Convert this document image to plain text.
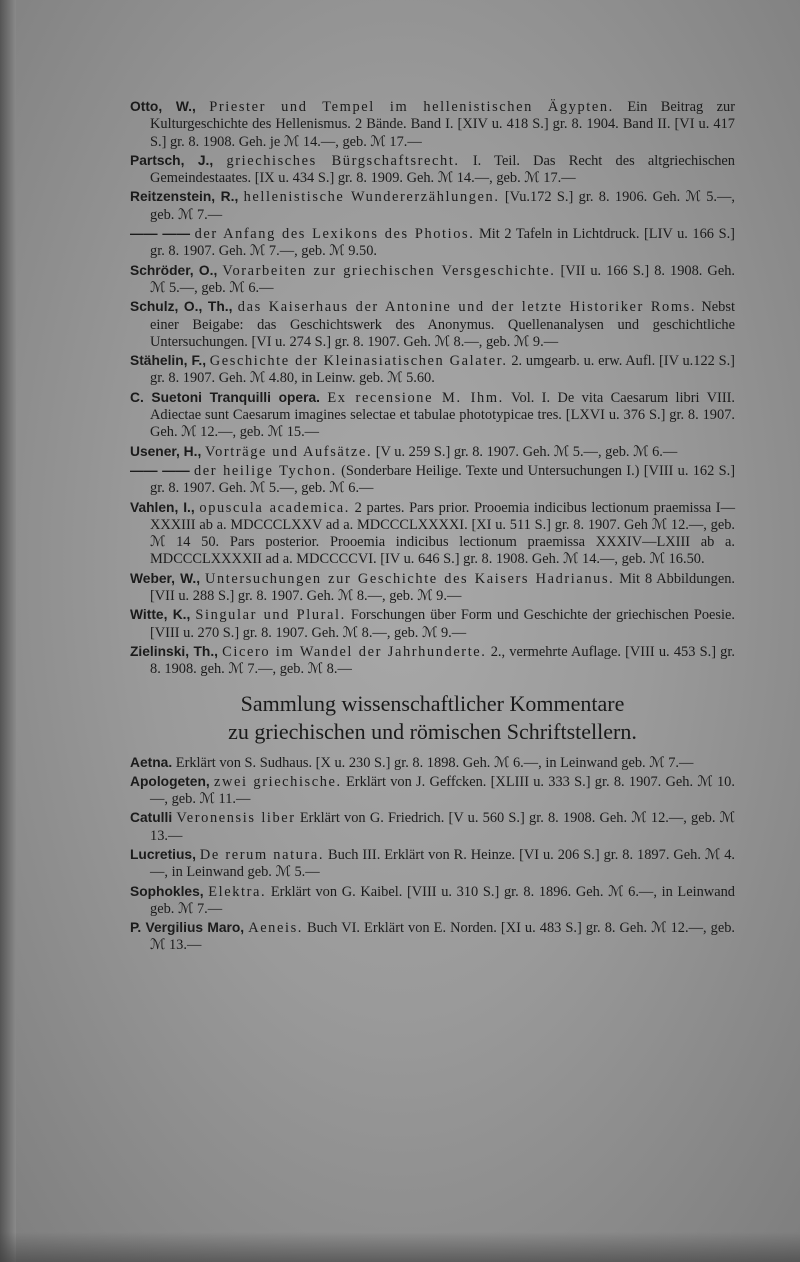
Otto, W., Priester und Tempel im hellenistischen Ägypten. Ein Beitrag zur Kulturgeschichte des Hellenismus. 2 Bände. Band I. [XIV u. 418 S.] gr. 8. 1904. Band II. [VI u. 417 S.] gr. 8. 1908. Geh. je ℳ 14.—, geb. ℳ 17.—

Partsch, J., griechisches Bürgschaftsrecht. I. Teil. Das Recht des altgriechischen Gemeindestaates. [IX u. 434 S.] gr. 8. 1909. Geh. ℳ 14.—, geb. ℳ 17.—

Reitzenstein, R., hellenistische Wundererzählungen. [Vu.172 S.] gr. 8. 1906. Geh. ℳ 5.—, geb. ℳ 7.—

—— —— der Anfang des Lexikons des Photios. Mit 2 Tafeln in Lichtdruck. [LIV u. 166 S.] gr. 8. 1907. Geh. ℳ 7.—, geb. ℳ 9.50.

Schröder, O., Vorarbeiten zur griechischen Versgeschichte. [VII u. 166 S.] 8. 1908. Geh. ℳ 5.—, geb. ℳ 6.—

Schulz, O., Th., das Kaiserhaus der Antonine und der letzte Historiker Roms. Nebst einer Beigabe: das Geschichtswerk des Anonymus. Quellenanalysen und geschichtliche Untersuchungen. [VI u. 274 S.] gr. 8. 1907. Geh. ℳ 8.—, geb. ℳ 9.—

Stähelin, F., Geschichte der Kleinasiatischen Galater. 2. umgearb. u. erw. Aufl. [IV u.122 S.] gr. 8. 1907. Geh. ℳ 4.80, in Leinw. geb. ℳ 5.60.

C. Suetoni Tranquilli opera. Ex recensione M. Ihm. Vol. I. De vita Caesarum libri VIII. Adiectae sunt Caesarum imagines selectae et tabulae phototypicae tres. [LXVI u. 376 S.] gr. 8. 1907. Geh. ℳ 12.—, geb. ℳ 15.—

Usener, H., Vorträge und Aufsätze. [V u. 259 S.] gr. 8. 1907. Geh. ℳ 5.—, geb. ℳ 6.—

—— —— der heilige Tychon. (Sonderbare Heilige. Texte und Untersuchungen I.) [VIII u. 162 S.] gr. 8. 1907. Geh. ℳ 5.—, geb. ℳ 6.—

Vahlen, I., opuscula academica. 2 partes. Pars prior. Prooemia indicibus lectionum praemissa I—XXXIII ab a. MDCCCLXXV ad a. MDCCCLXXXXI. [XI u. 511 S.] gr. 8. 1907. Geh ℳ 12.—, geb. ℳ 14 50. Pars posterior. Prooemia indicibus lectionum praemissa XXXIV—LXIII ab a. MDCCCLXXXXII ad a. MDCCCCVI. [IV u. 646 S.] gr. 8. 1908. Geh. ℳ 14.—, geb. ℳ 16.50.

Weber, W., Untersuchungen zur Geschichte des Kaisers Hadrianus. Mit 8 Abbildungen. [VII u. 288 S.] gr. 8. 1907. Geh. ℳ 8.—, geb. ℳ 9.—

Witte, K., Singular und Plural. Forschungen über Form und Geschichte der griechischen Poesie. [VIII u. 270 S.] gr. 8. 1907. Geh. ℳ 8.—, geb. ℳ 9.—

Zielinski, Th., Cicero im Wandel der Jahrhunderte. 2., vermehrte Auflage. [VIII u. 453 S.] gr. 8. 1908. geh. ℳ 7.—, geb. ℳ 8.—

Sammlung wissenschaftlicher Kommentare
zu griechischen und römischen Schriftstellern.

Aetna. Erklärt von S. Sudhaus. [X u. 230 S.] gr. 8. 1898. Geh. ℳ 6.—, in Leinwand geb. ℳ 7.—

Apologeten, zwei griechische. Erklärt von J. Geffcken. [XLIII u. 333 S.] gr. 8. 1907. Geh. ℳ 10.—, geb. ℳ 11.—

Catulli Veronensis liber Erklärt von G. Friedrich. [V u. 560 S.] gr. 8. 1908. Geh. ℳ 12.—, geb. ℳ 13.—

Lucretius, De rerum natura. Buch III. Erklärt von R. Heinze. [VI u. 206 S.] gr. 8. 1897. Geh. ℳ 4.—, in Leinwand geb. ℳ 5.—

Sophokles, Elektra. Erklärt von G. Kaibel. [VIII u. 310 S.] gr. 8. 1896. Geh. ℳ 6.—, in Leinwand geb. ℳ 7.—

P. Vergilius Maro, Aeneis. Buch VI. Erklärt von E. Norden. [XI u. 483 S.] gr. 8. Geh. ℳ 12.—, geb. ℳ 13.—
